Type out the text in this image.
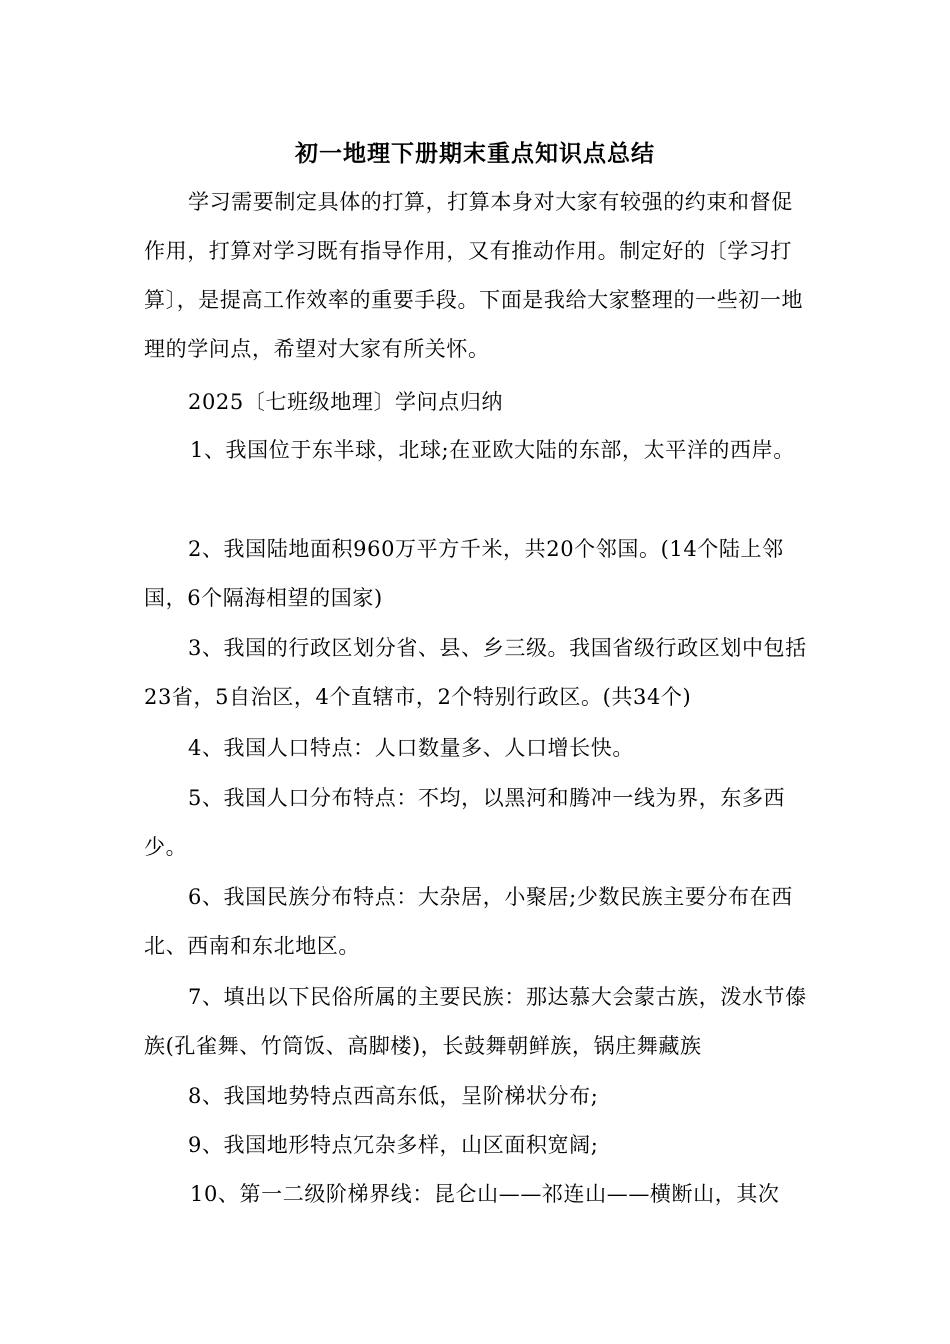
初一地理下册期末重点知识点总结

学习需要制定具体的打算，打算本身对大家有较强的约束和督促作用，打算对学习既有指导作用，又有推动作用。制定好的〔学习打算〕，是提高工作效率的重要手段。下面是我给大家整理的一些初一地理的学问点，希望对大家有所关怀。

2025〔七班级地理〕学问点归纳

1、我国位于东半球，北球;在亚欧大陆的东部，太平洋的西岸。

2、我国陆地面积960万平方千米，共20个邻国。(14个陆上邻国，6个隔海相望的国家)

3、我国的行政区划分省、县、乡三级。我国省级行政区划中包括23省，5自治区，4个直辖市，2个特别行政区。(共34个)

4、我国人口特点：人口数量多、人口增长快。

5、我国人口分布特点：不均，以黑河和腾冲一线为界，东多西少。

6、我国民族分布特点：大杂居，小聚居;少数民族主要分布在西北、西南和东北地区。

7、填出以下民俗所属的主要民族：那达慕大会蒙古族，泼水节傣族(孔雀舞、竹筒饭、高脚楼)，长鼓舞朝鲜族，锅庄舞藏族

8、我国地势特点西高东低，呈阶梯状分布;

9、我国地形特点冗杂多样，山区面积宽阔;

10、第一二级阶梯界线：昆仑山——祁连山——横断山，其次
